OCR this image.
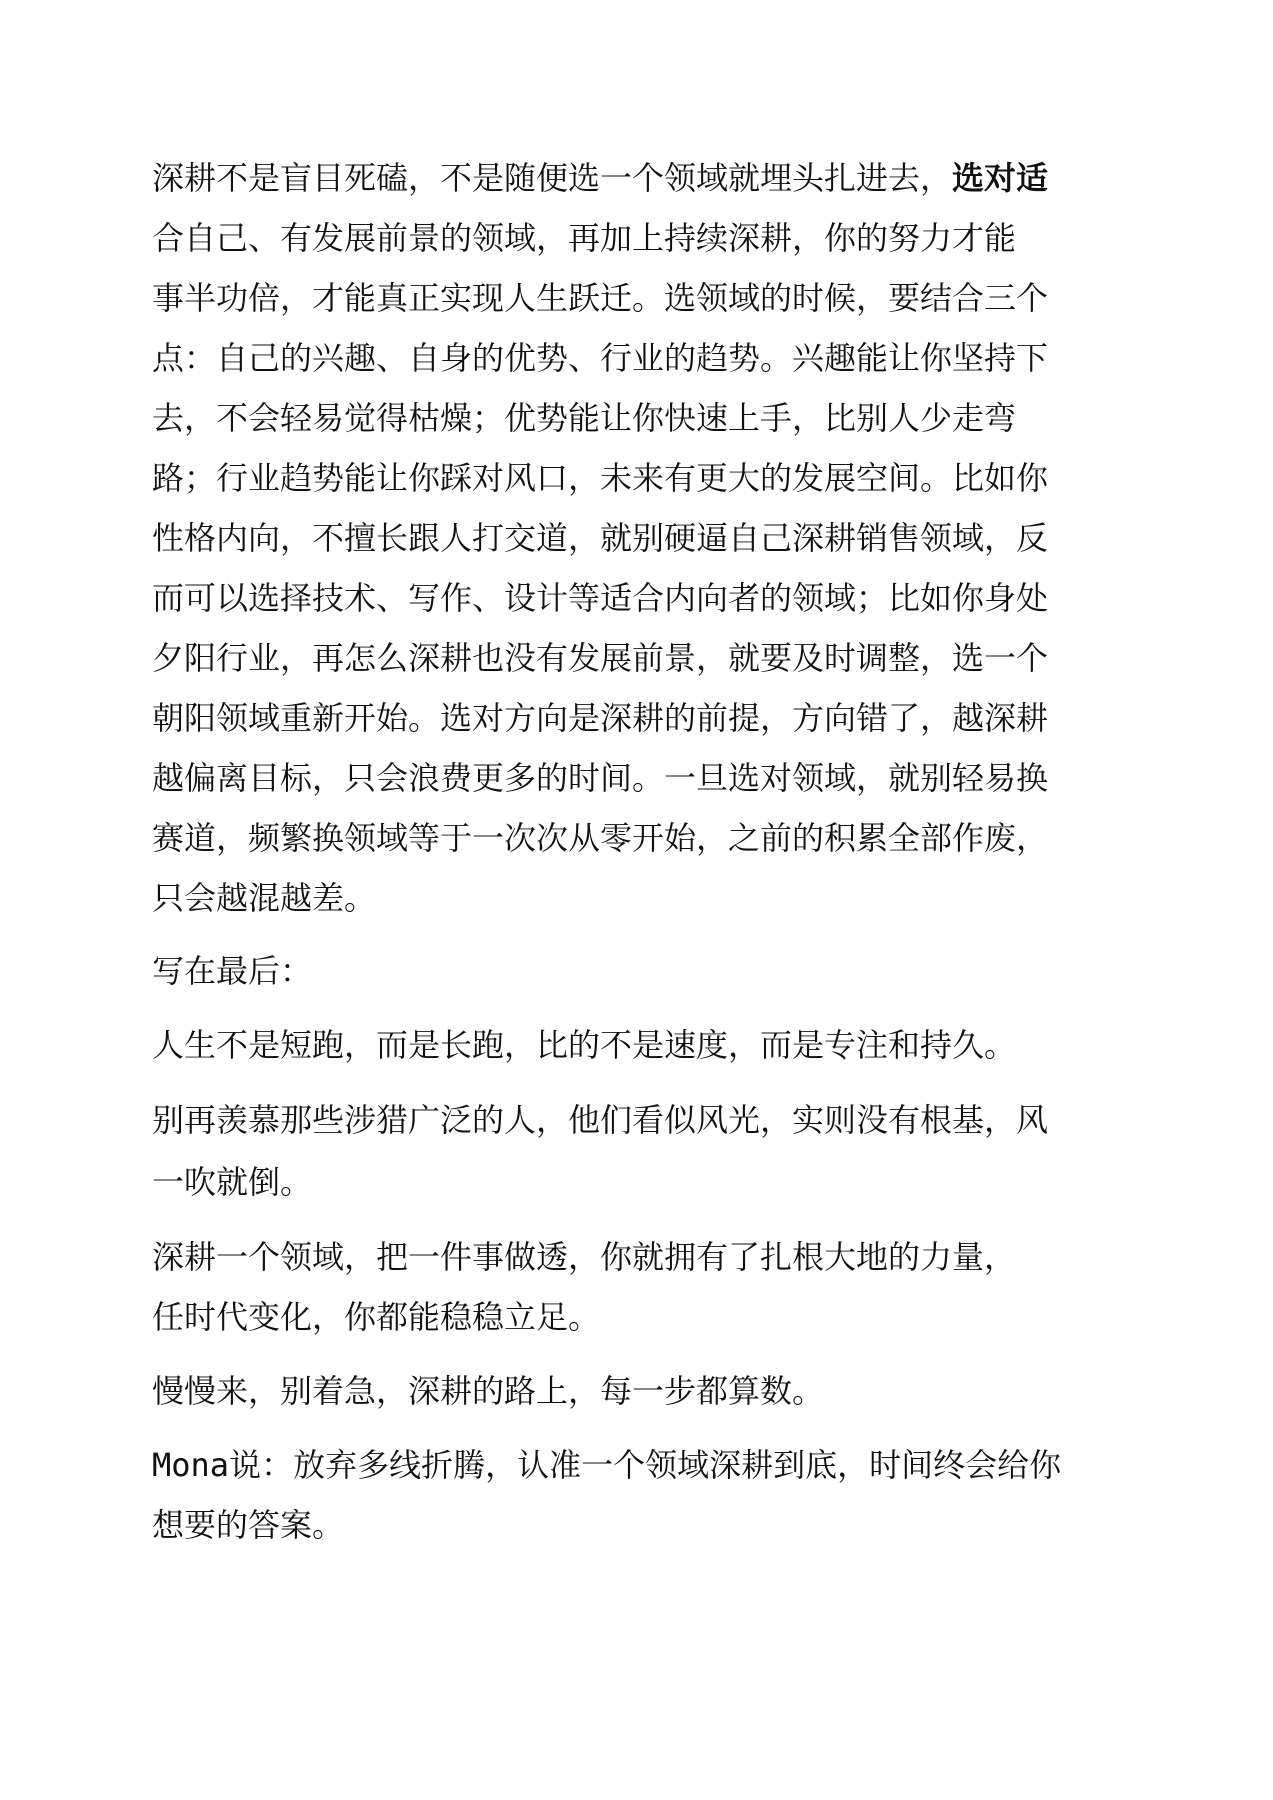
深耕不是盲目死磕，不是随便选一个领域就埋头扎进去，选对适
合自己、有发展前景的领域，再加上持续深耕，你的努力才能
事半功倍，才能真正实现人生跃迁。选领域的时候，要结合三个
点：自己的兴趣、自身的优势、行业的趋势。兴趣能让你坚持下
去，不会轻易觉得枯燥；优势能让你快速上手，比别人少走弯
路；行业趋势能让你踩对风口，未来有更大的发展空间。比如你
性格内向，不擅长跟人打交道，就别硬逼自己深耕销售领域，反
而可以选择技术、写作、设计等适合内向者的领域；比如你身处
夕阳行业，再怎么深耕也没有发展前景，就要及时调整，选一个
朝阳领域重新开始。选对方向是深耕的前提，方向错了，越深耕
越偏离目标，只会浪费更多的时间。一旦选对领域，就别轻易换
赛道，频繁换领域等于一次次从零开始，之前的积累全部作废，
只会越混越差。

写在最后：

人生不是短跑，而是长跑，比的不是速度，而是专注和持久。

别再羡慕那些涉猎广泛的人，他们看似风光，实则没有根基，风
一吹就倒。

深耕一个领域，把一件事做透，你就拥有了扎根大地的力量，
任时代变化，你都能稳稳立足。

慢慢来，别着急，深耕的路上，每一步都算数。

Mona说：放弃多线折腾，认准一个领域深耕到底，时间终会给你
想要的答案。
